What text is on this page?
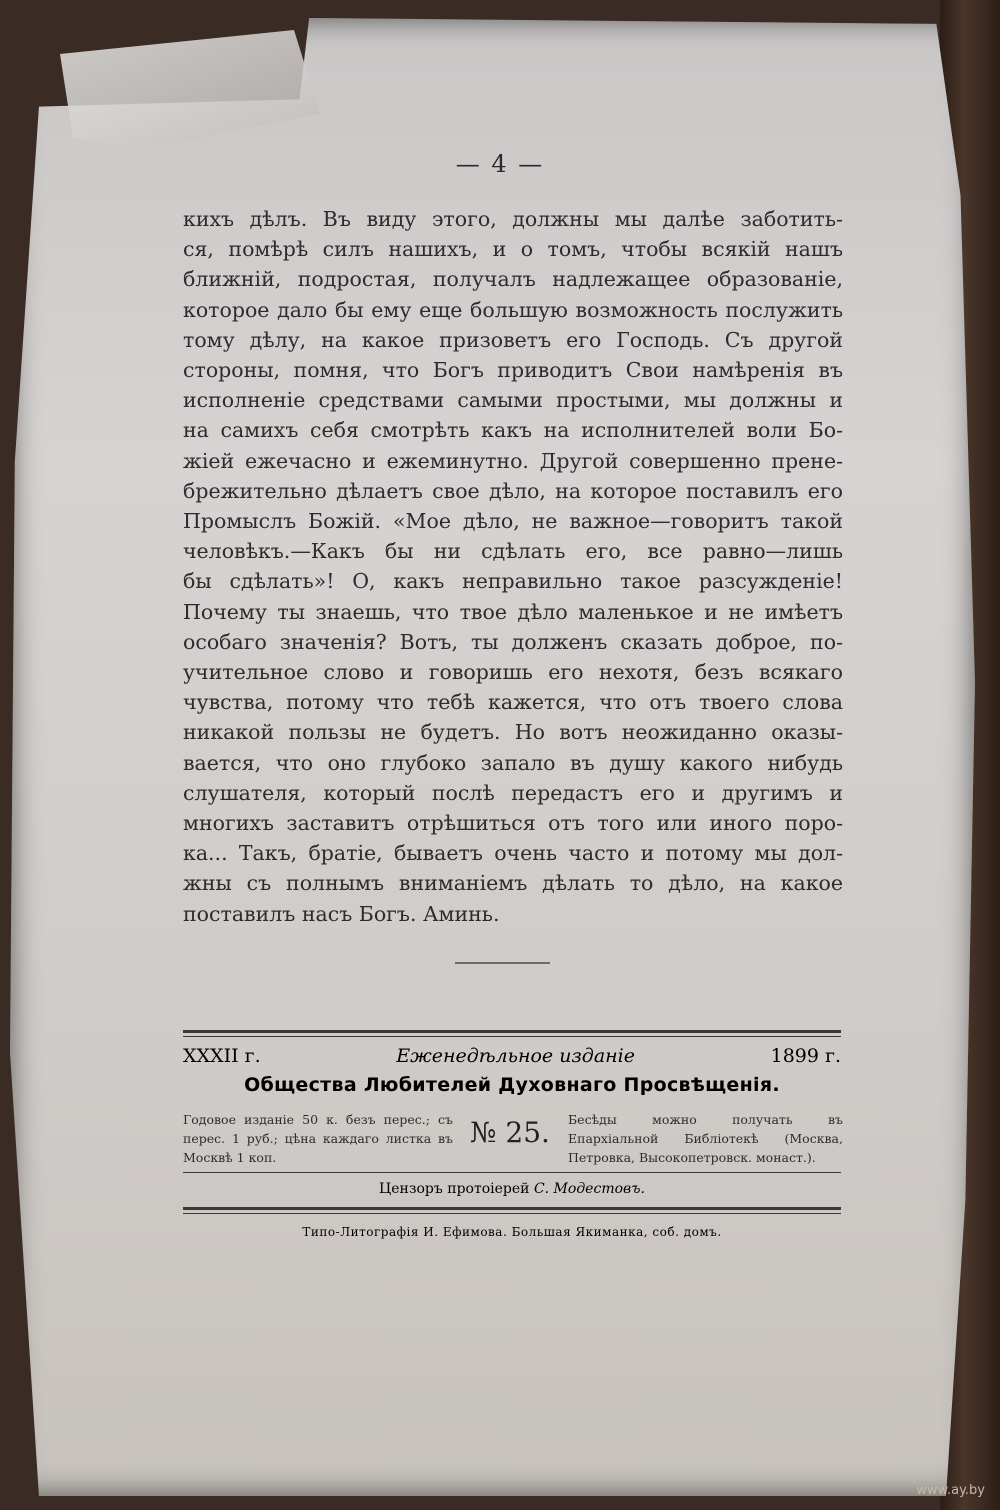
— 4 —
кихъ дѣлъ. Въ виду этого, должны мы далѣе заботить-
ся, помѣрѣ силъ нашихъ, и о томъ, чтобы всякій нашъ
ближній, подростая, получалъ надлежащее образованіе,
которое дало бы ему еще большую возможность послужить
тому дѣлу, на какое призоветъ его Господь. Съ другой
стороны, помня, что Богъ приводитъ Свои намѣренія въ
исполненіе средствами самыми простыми, мы должны и
на самихъ себя смотрѣть какъ на исполнителей воли Бо-
жіей ежечасно и ежеминутно. Другой совершенно прене-
брежительно дѣлаетъ свое дѣло, на которое поставилъ его
Промыслъ Божій. «Мое дѣло, не важное—говоритъ такой
человѣкъ.—Какъ бы ни сдѣлать его, все равно—лишь
бы сдѣлать»! О, какъ неправильно такое разсужденіе!
Почему ты знаешь, что твое дѣло маленькое и не имѣетъ
особаго значенія? Вотъ, ты долженъ сказать доброе, по-
учительное слово и говоришь его нехотя, безъ всякаго
чувства, потому что тебѣ кажется, что отъ твоего слова
никакой пользы не будетъ. Но вотъ неожиданно оказы-
вается, что оно глубоко запало въ душу какого нибудь
слушателя, который послѣ передастъ его и другимъ и
многихъ заставитъ отрѣшиться отъ того или иного поро-
ка... Такъ, братіе, бываетъ очень часто и потому мы дол-
жны съ полнымъ вниманіемъ дѣлать то дѣло, на какое
поставилъ насъ Богъ. Аминь.
XXXII г.	Еженедѣльное изданіе	1899 г.
Общества Любителей Духовнаго Просвѣщенія.
Годовое изданіе 50 к. безъ перес.; съ перес. 1 руб.; цѣна каждаго листка въ Москвѣ 1 коп.
№ 25.	Бесѣды можно получать въ Епархіальной Библіотекѣ (Москва, Петровка, Высокопетровск. монаст.).
Цензоръ протоіерей С. Модестовъ.
Типо-Литографія И. Ефимова. Большая Якиманка, соб. домъ.
www.ay.by
